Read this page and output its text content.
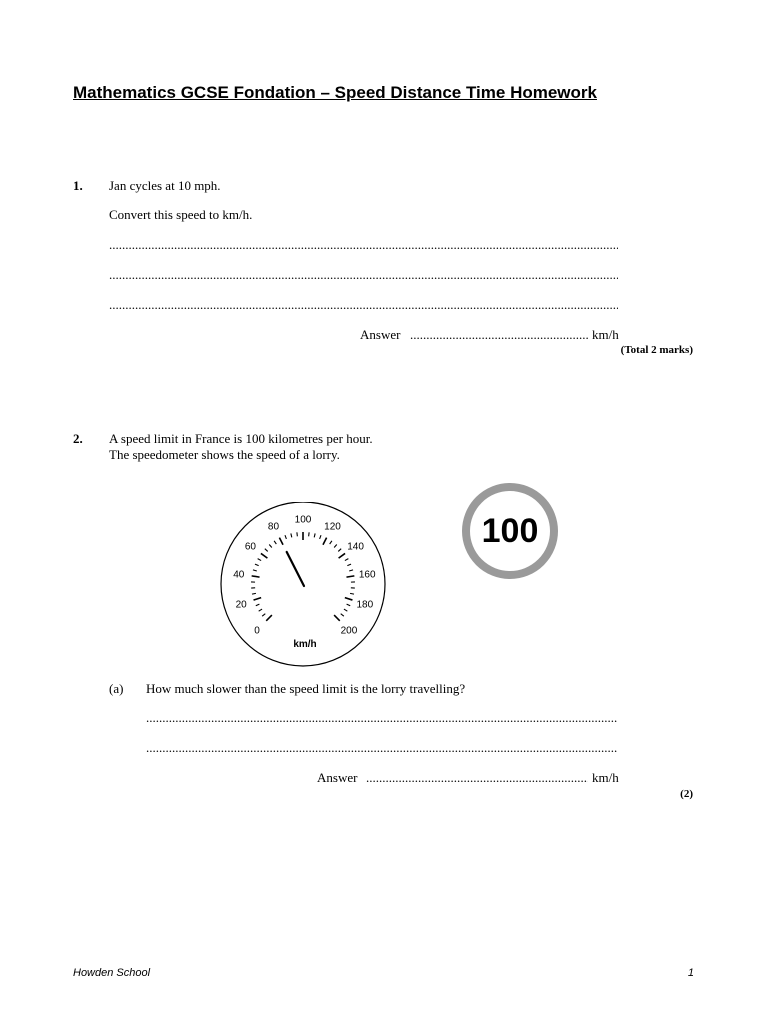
Mathematics GCSE Fondation – Speed Distance Time Homework
1. Jan cycles at 10 mph.
Convert this speed to km/h.
.....
.....
.....
Answer .....	km/h
(Total 2 marks)
2. A speed limit in France is 100 kilometres per hour.
The speedometer shows the speed of a lorry.
0
20
40
60
80
100
120
140
160
180
200
km/h
100
(a) How much slower than the speed limit is the lorry travelling?
.....
.....
Answer .....	km/h
(2)
Howden School	1
